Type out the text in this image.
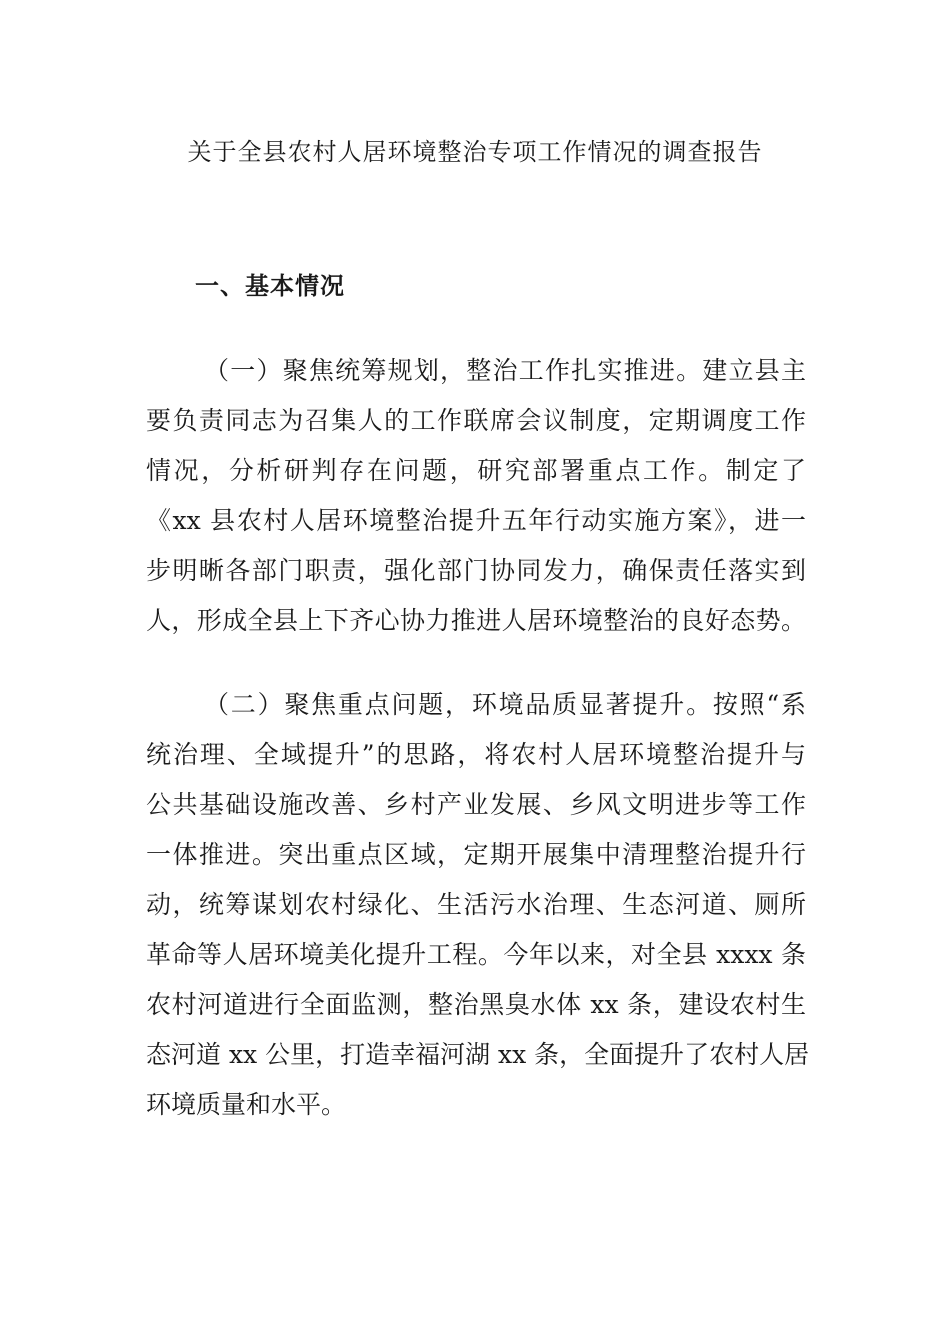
关于全县农村人居环境整治专项工作情况的调查报告
一、基本情况
（一）聚焦统筹规划，整治工作扎实推进。建立县主
要负责同志为召集人的工作联席会议制度，定期调度工作
情况，分析研判存在问题，研究部署重点工作。制定了
《xx 县农村人居环境整治提升五年行动实施方案》，进一
步明晰各部门职责，强化部门协同发力，确保责任落实到
人，形成全县上下齐心协力推进人居环境整治的良好态势。
（二）聚焦重点问题，环境品质显著提升。按照“系
统治理、全域提升”的思路，将农村人居环境整治提升与
公共基础设施改善、乡村产业发展、乡风文明进步等工作
一体推进。突出重点区域，定期开展集中清理整治提升行
动，统筹谋划农村绿化、生活污水治理、生态河道、厕所
革命等人居环境美化提升工程。今年以来，对全县 xxxx 条
农村河道进行全面监测，整治黑臭水体 xx 条，建设农村生
态河道 xx 公里，打造幸福河湖 xx 条，全面提升了农村人居
环境质量和水平。
